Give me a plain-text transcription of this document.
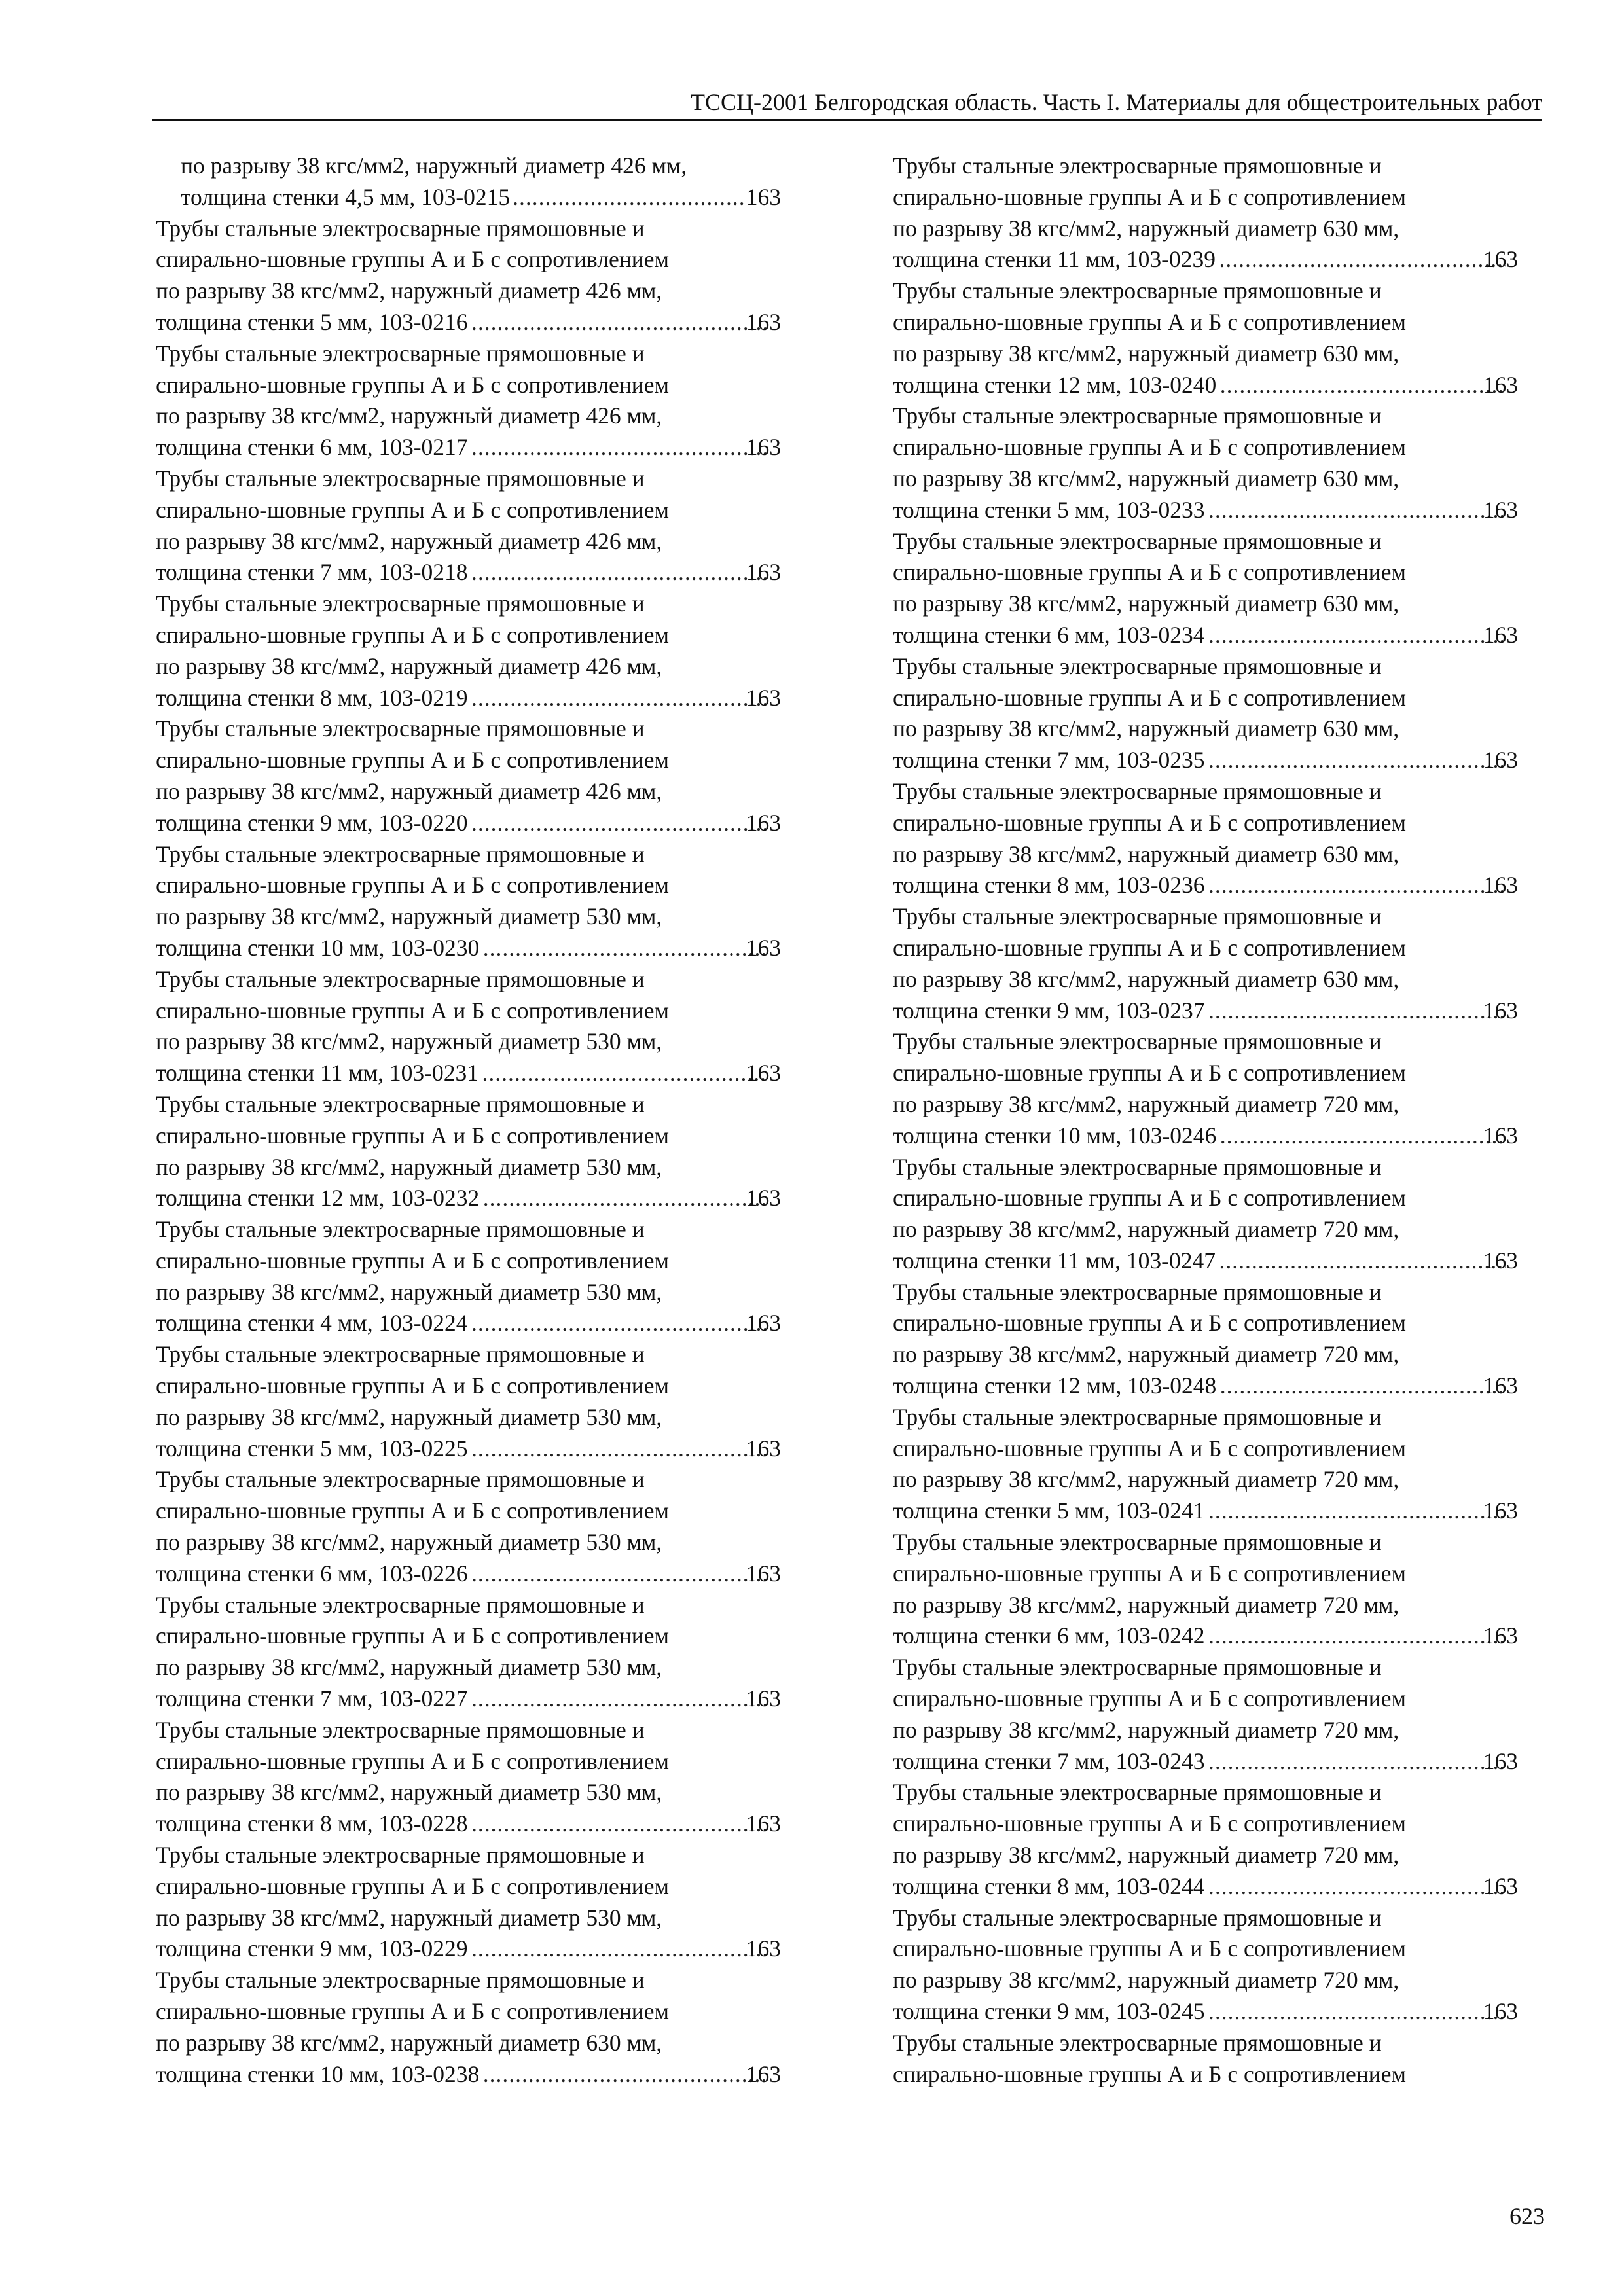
ТССЦ-2001 Белгородская область. Часть I. Материалы для общестроительных работ

по разрыву 38 кгс/мм2, наружный диаметр 426 мм,
толщина стенки 4,5 мм, 103-0215 .....	163

Трубы стальные электросварные прямошовные и
спирально-шовные группы А и Б с сопротивлением
по разрыву 38 кгс/мм2, наружный диаметр 426 мм,
толщина стенки 5 мм, 103-0216 .....	163

Трубы стальные электросварные прямошовные и
спирально-шовные группы А и Б с сопротивлением
по разрыву 38 кгс/мм2, наружный диаметр 426 мм,
толщина стенки 6 мм, 103-0217 .....	163

Трубы стальные электросварные прямошовные и
спирально-шовные группы А и Б с сопротивлением
по разрыву 38 кгс/мм2, наружный диаметр 426 мм,
толщина стенки 7 мм, 103-0218 .....	163

Трубы стальные электросварные прямошовные и
спирально-шовные группы А и Б с сопротивлением
по разрыву 38 кгс/мм2, наружный диаметр 426 мм,
толщина стенки 8 мм, 103-0219 .....	163

Трубы стальные электросварные прямошовные и
спирально-шовные группы А и Б с сопротивлением
по разрыву 38 кгс/мм2, наружный диаметр 426 мм,
толщина стенки 9 мм, 103-0220 .....	163

Трубы стальные электросварные прямошовные и
спирально-шовные группы А и Б с сопротивлением
по разрыву 38 кгс/мм2, наружный диаметр 530 мм,
толщина стенки 10 мм, 103-0230 .....	163

Трубы стальные электросварные прямошовные и
спирально-шовные группы А и Б с сопротивлением
по разрыву 38 кгс/мм2, наружный диаметр 530 мм,
толщина стенки 11 мм, 103-0231 .....	163

Трубы стальные электросварные прямошовные и
спирально-шовные группы А и Б с сопротивлением
по разрыву 38 кгс/мм2, наружный диаметр 530 мм,
толщина стенки 12 мм, 103-0232 .....	163

Трубы стальные электросварные прямошовные и
спирально-шовные группы А и Б с сопротивлением
по разрыву 38 кгс/мм2, наружный диаметр 530 мм,
толщина стенки 4 мм, 103-0224 .....	163

Трубы стальные электросварные прямошовные и
спирально-шовные группы А и Б с сопротивлением
по разрыву 38 кгс/мм2, наружный диаметр 530 мм,
толщина стенки 5 мм, 103-0225 .....	163

Трубы стальные электросварные прямошовные и
спирально-шовные группы А и Б с сопротивлением
по разрыву 38 кгс/мм2, наружный диаметр 530 мм,
толщина стенки 6 мм, 103-0226 .....	163

Трубы стальные электросварные прямошовные и
спирально-шовные группы А и Б с сопротивлением
по разрыву 38 кгс/мм2, наружный диаметр 530 мм,
толщина стенки 7 мм, 103-0227 .....	163

Трубы стальные электросварные прямошовные и
спирально-шовные группы А и Б с сопротивлением
по разрыву 38 кгс/мм2, наружный диаметр 530 мм,
толщина стенки 8 мм, 103-0228 .....	163

Трубы стальные электросварные прямошовные и
спирально-шовные группы А и Б с сопротивлением
по разрыву 38 кгс/мм2, наружный диаметр 530 мм,
толщина стенки 9 мм, 103-0229 .....	163

Трубы стальные электросварные прямошовные и
спирально-шовные группы А и Б с сопротивлением
по разрыву 38 кгс/мм2, наружный диаметр 630 мм,
толщина стенки 10 мм, 103-0238 .....	163

Трубы стальные электросварные прямошовные и
спирально-шовные группы А и Б с сопротивлением
по разрыву 38 кгс/мм2, наружный диаметр 630 мм,
толщина стенки 11 мм, 103-0239 .....	163

Трубы стальные электросварные прямошовные и
спирально-шовные группы А и Б с сопротивлением
по разрыву 38 кгс/мм2, наружный диаметр 630 мм,
толщина стенки 12 мм, 103-0240 .....	163

Трубы стальные электросварные прямошовные и
спирально-шовные группы А и Б с сопротивлением
по разрыву 38 кгс/мм2, наружный диаметр 630 мм,
толщина стенки 5 мм, 103-0233 .....	163

Трубы стальные электросварные прямошовные и
спирально-шовные группы А и Б с сопротивлением
по разрыву 38 кгс/мм2, наружный диаметр 630 мм,
толщина стенки 6 мм, 103-0234 .....	163

Трубы стальные электросварные прямошовные и
спирально-шовные группы А и Б с сопротивлением
по разрыву 38 кгс/мм2, наружный диаметр 630 мм,
толщина стенки 7 мм, 103-0235 .....	163

Трубы стальные электросварные прямошовные и
спирально-шовные группы А и Б с сопротивлением
по разрыву 38 кгс/мм2, наружный диаметр 630 мм,
толщина стенки 8 мм, 103-0236 .....	163

Трубы стальные электросварные прямошовные и
спирально-шовные группы А и Б с сопротивлением
по разрыву 38 кгс/мм2, наружный диаметр 630 мм,
толщина стенки 9 мм, 103-0237 .....	163

Трубы стальные электросварные прямошовные и
спирально-шовные группы А и Б с сопротивлением
по разрыву 38 кгс/мм2, наружный диаметр 720 мм,
толщина стенки 10 мм, 103-0246 .....	163

Трубы стальные электросварные прямошовные и
спирально-шовные группы А и Б с сопротивлением
по разрыву 38 кгс/мм2, наружный диаметр 720 мм,
толщина стенки 11 мм, 103-0247 .....	163

Трубы стальные электросварные прямошовные и
спирально-шовные группы А и Б с сопротивлением
по разрыву 38 кгс/мм2, наружный диаметр 720 мм,
толщина стенки 12 мм, 103-0248 .....	163

Трубы стальные электросварные прямошовные и
спирально-шовные группы А и Б с сопротивлением
по разрыву 38 кгс/мм2, наружный диаметр 720 мм,
толщина стенки 5 мм, 103-0241 .....	163

Трубы стальные электросварные прямошовные и
спирально-шовные группы А и Б с сопротивлением
по разрыву 38 кгс/мм2, наружный диаметр 720 мм,
толщина стенки 6 мм, 103-0242 .....	163

Трубы стальные электросварные прямошовные и
спирально-шовные группы А и Б с сопротивлением
по разрыву 38 кгс/мм2, наружный диаметр 720 мм,
толщина стенки 7 мм, 103-0243 .....	163

Трубы стальные электросварные прямошовные и
спирально-шовные группы А и Б с сопротивлением
по разрыву 38 кгс/мм2, наружный диаметр 720 мм,
толщина стенки 8 мм, 103-0244 .....	163

Трубы стальные электросварные прямошовные и
спирально-шовные группы А и Б с сопротивлением
по разрыву 38 кгс/мм2, наружный диаметр 720 мм,
толщина стенки 9 мм, 103-0245 .....	163

Трубы стальные электросварные прямошовные и
спирально-шовные группы А и Б с сопротивлением

623
